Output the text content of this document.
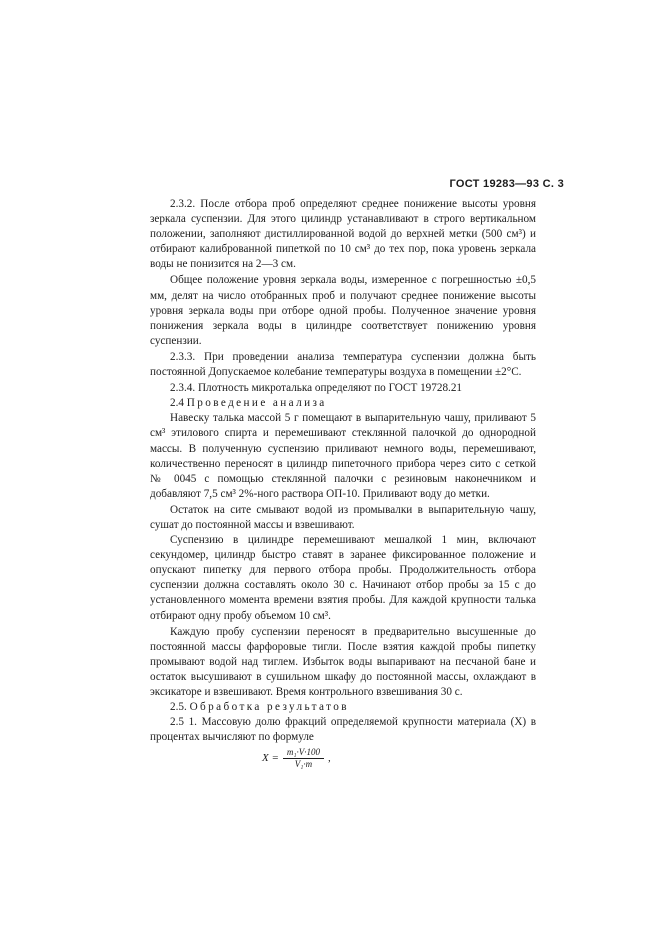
ГОСТ 19283—93 С. 3

2.3.2. После отбора проб определяют среднее понижение высоты уровня зеркала суспензии. Для этого цилиндр устанавливают в строго вертикальном положении, заполняют дистиллированной водой до верхней метки (500 см³) и отбирают калиброванной пипеткой по 10 см³ до тех пор, пока уровень зеркала воды не понизится на 2—3 см.

Общее положение уровня зеркала воды, измеренное с погрешностью ±0,5 мм, делят на число отобранных проб и получают среднее понижение высоты уровня зеркала воды при отборе одной пробы. Полученное значение уровня понижения зеркала воды в цилиндре соответствует понижению уровня суспензии.

2.3.3. При проведении анализа температура суспензии должна быть постоянной Допускаемое колебание температуры воздуха в помещении ±2°С.

2.3.4. Плотность микроталька определяют по ГОСТ 19728.21

2.4 Проведение анализа

Навеску талька массой 5 г помещают в выпарительную чашу, приливают 5 см³ этилового спирта и перемешивают стеклянной палочкой до однородной массы. В полученную суспензию приливают немного воды, перемешивают, количественно переносят в цилиндр пипеточного прибора через сито с сеткой № 0045 с помощью стеклянной палочки с резиновым наконечником и добавляют 7,5 см³ 2%-ного раствора ОП-10. Приливают воду до метки.

Остаток на сите смывают водой из промывалки в выпарительную чашу, сушат до постоянной массы и взвешивают.

Суспензию в цилиндре перемешивают мешалкой 1 мин, включают секундомер, цилиндр быстро ставят в заранее фиксированное положение и опускают пипетку для первого отбора пробы. Продолжительность отбора суспензии должна составлять около 30 с. Начинают отбор пробы за 15 с до установленного момента времени взятия пробы. Для каждой крупности талька отбирают одну пробу объемом 10 см³.

Каждую пробу суспензии переносят в предварительно высушенные до постоянной массы фарфоровые тигли. После взятия каждой пробы пипетку промывают водой над тиглем. Избыток воды выпаривают на песчаной бане и остаток высушивают в сушильном шкафу до постоянной массы, охлаждают в эксикаторе и взвешивают. Время контрольного взвешивания 30 с.

2.5. Обработка результатов

2.5 1. Массовую долю фракций определяемой крупности материала (X) в процентах вычисляют по формуле

$X = \frac{\text{m₁·V·100}}{\text{V₁·m}}$ ,
